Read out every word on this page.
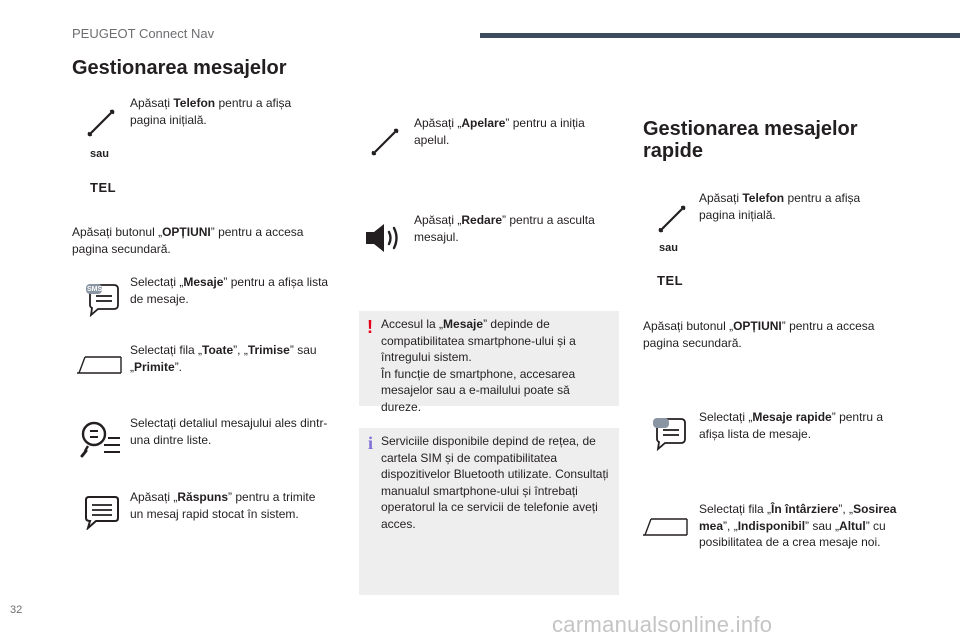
PEUGEOT Connect Nav
Gestionarea mesajelor
sau
TEL
Apăsați Telefon pentru a afișa pagina inițială.
Apăsați butonul „OPȚIUNI” pentru a accesa pagina secundară.
SMS
Selectați „Mesaje” pentru a afișa lista de mesaje.
Selectați fila „Toate”, „Trimise” sau „Primite”.
Selectați detaliul mesajului ales dintr-una dintre liste.
Apăsați „Răspuns” pentru a trimite un mesaj rapid stocat în sistem.
Apăsați „Apelare” pentru a iniția apelul.
Apăsați „Redare” pentru a asculta mesajul.
! Accesul la „Mesaje” depinde de compatibilitatea smartphone-ului și a întregului sistem.
În funcție de smartphone, accesarea mesajelor sau a e-mailului poate să dureze.
i Serviciile disponibile depind de rețea, de cartela SIM și de compatibilitatea dispozitivelor Bluetooth utilizate. Consultați manualul smartphone-ului și întrebați operatorul la ce servicii de telefonie aveți acces.
Gestionarea mesajelor
rapide
sau
TEL
Apăsați Telefon pentru a afișa pagina inițială.
Apăsați butonul „OPȚIUNI” pentru a accesa pagina secundară.
Selectați „Mesaje rapide” pentru a afișa lista de mesaje.
Selectați fila „În întârziere”, „Sosirea mea”, „Indisponibil” sau „Altul” cu posibilitatea de a crea mesaje noi.
32
carmanualsonline.info
